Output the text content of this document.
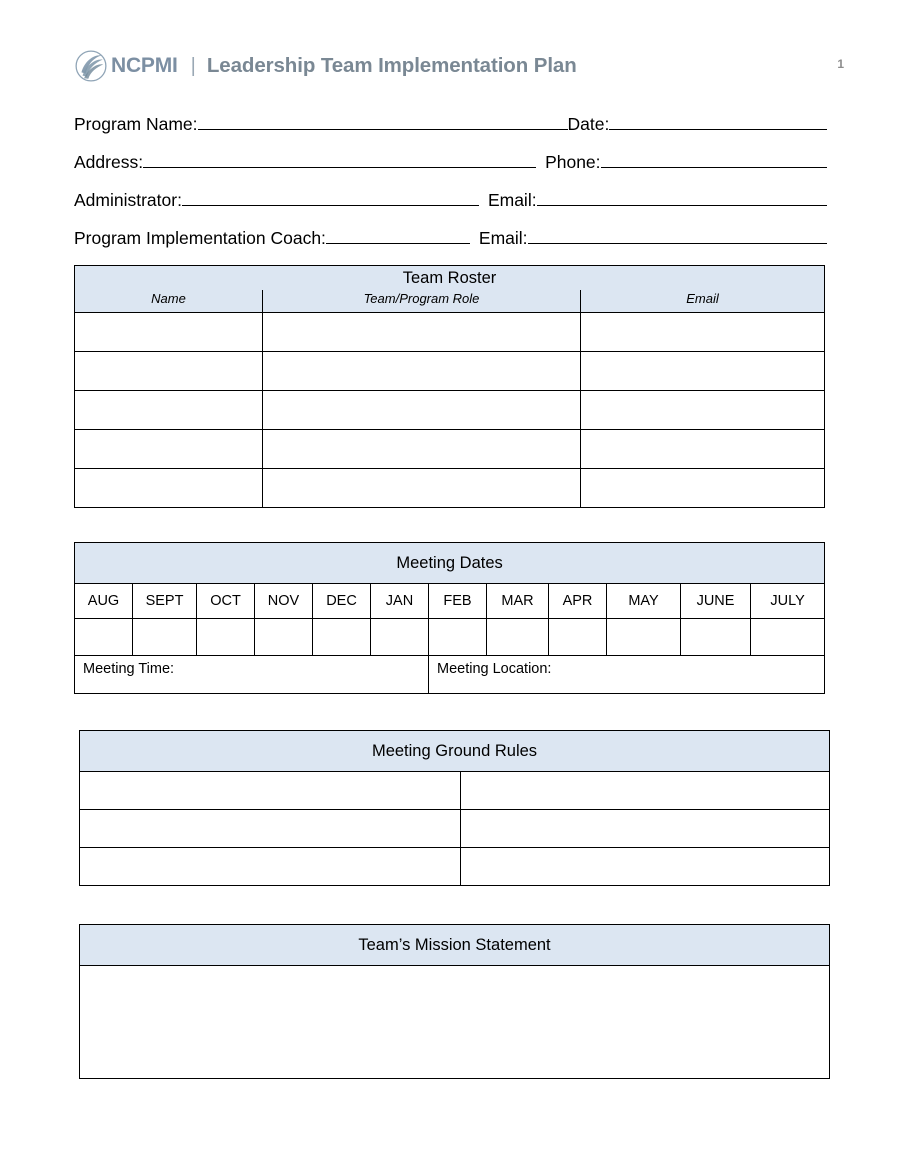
NCPMI | Leadership Team Implementation Plan	1
Program Name:	Date:
Address:	Phone:
Administrator:	Email:
Program Implementation Coach:	Email:
Team Roster		
Name	Team/Program Role	Email

Meeting Dates											
AUG	SEPT	OCT	NOV	DEC	JAN	FEB	MAR	APR	MAY	JUNE	JULY

Meeting Time:						Meeting Location:					
Meeting Ground Rules	

Team’s Mission Statement
